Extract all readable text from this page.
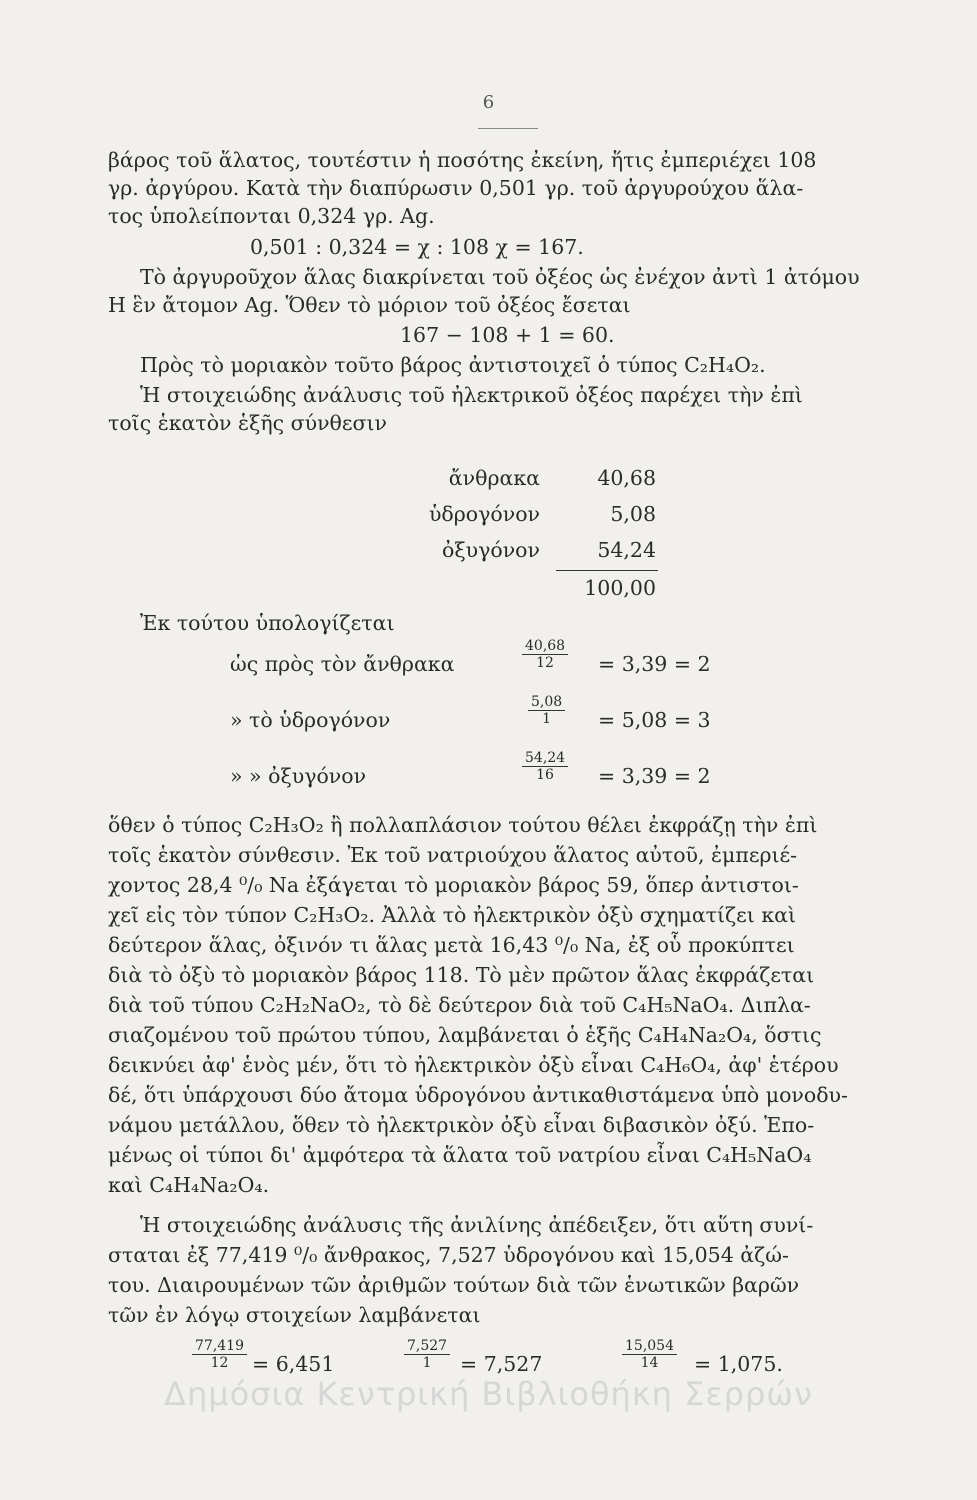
6
βάρος τοῦ ἅλατος, τουτέστιν ἡ ποσότης ἐκείνη, ἥτις ἐμπεριέχει 108
γρ. ἀργύρου. Κατὰ τὴν διαπύρωσιν 0,501 γρ. τοῦ ἀργυρούχου ἅλα-
τος ὑπολείπονται 0,324 γρ. Ag.
0,501 : 0,324 = χ : 108 χ = 167.
Τὸ ἀργυροῦχον ἅλας διακρίνεται τοῦ ὀξέος ὡς ἐνέχον ἀντὶ 1 ἀτόμου
Η ἓν ἄτομον Ag. Ὅθεν τὸ μόριον τοῦ ὀξέος ἔσεται
167 − 108 + 1 = 60.
Πρὸς τὸ μοριακὸν τοῦτο βάρος ἀντιστοιχεῖ ὁ τύπος C₂H₄O₂.
Ἡ στοιχειώδης ἀνάλυσις τοῦ ἠλεκτρικοῦ ὀξέος παρέχει τὴν ἐπὶ
τοῖς ἑκατὸν ἑξῆς σύνθεσιν
ἄνθρακα	40,68
ὑδρογόνον	5,08
ὀξυγόνον	54,24
100,00
Ἐκ τούτου ὑπολογίζεται
ὡς πρὸς τὸν ἄνθρακα	$\frac{40,68}{12} = 3,39 = 2$
» τὸ ὑδρογόνον	$\frac{5,08}{1} = 5,08 = 3$
» » ὀξυγόνον	$\frac{54,24}{16} = 3,39 = 2$
ὅθεν ὁ τύπος C₂H₃O₂ ἢ πολλαπλάσιον τούτου θέλει ἐκφράζῃ τὴν ἐπὶ
τοῖς ἑκατὸν σύνθεσιν. Ἐκ τοῦ νατριούχου ἅλατος αὐτοῦ, ἐμπεριέ-
χοντος 28,4 ⁰/₀ Na ἐξάγεται τὸ μοριακὸν βάρος 59, ὅπερ ἀντιστοι-
χεῖ εἰς τὸν τύπον C₂H₃O₂. Ἀλλὰ τὸ ἠλεκτρικὸν ὀξὺ σχηματίζει καὶ
δεύτερον ἅλας, ὀξινόν τι ἅλας μετὰ 16,43 ⁰/₀ Na, ἐξ οὗ προκύπτει
διὰ τὸ ὀξὺ τὸ μοριακὸν βάρος 118. Τὸ μὲν πρῶτον ἅλας ἐκφράζεται
διὰ τοῦ τύπου C₂H₂NaO₂, τὸ δὲ δεύτερον διὰ τοῦ C₄H₅NaO₄. Διπλα-
σιαζομένου τοῦ πρώτου τύπου, λαμβάνεται ὁ ἑξῆς C₄H₄Na₂O₄, ὅστις
δεικνύει ἀφ' ἑνὸς μέν, ὅτι τὸ ἠλεκτρικὸν ὀξὺ εἶναι C₄H₆O₄, ἀφ' ἑτέρου
δέ, ὅτι ὑπάρχουσι δύο ἄτομα ὑδρογόνου ἀντικαθιστάμενα ὑπὸ μονοδυ-
νάμου μετάλλου, ὅθεν τὸ ἠλεκτρικὸν ὀξὺ εἶναι διβασικὸν ὀξύ. Ἑπο-
μένως οἱ τύποι δι' ἀμφότερα τὰ ἅλατα τοῦ νατρίου εἶναι C₄H₅NaO₄
καὶ C₄H₄Na₂O₄.
Ἡ στοιχειώδης ἀνάλυσις τῆς ἀνιλίνης ἀπέδειξεν, ὅτι αὕτη συνί-
σταται ἐξ 77,419 ⁰/₀ ἄνθρακος, 7,527 ὑδρογόνου καὶ 15,054 ἀζώ-
του. Διαιρουμένων τῶν ἀριθμῶν τούτων διὰ τῶν ἑνωτικῶν βαρῶν
τῶν ἐν λόγῳ στοιχείων λαμβάνεται
$\frac{77,419}{12} = 6,451$	$\frac{7,527}{1} = 7,527$	$\frac{15,054}{14} = 1,075$.
Δημόσια Κεντρική Βιβλιοθήκη Σερρών
